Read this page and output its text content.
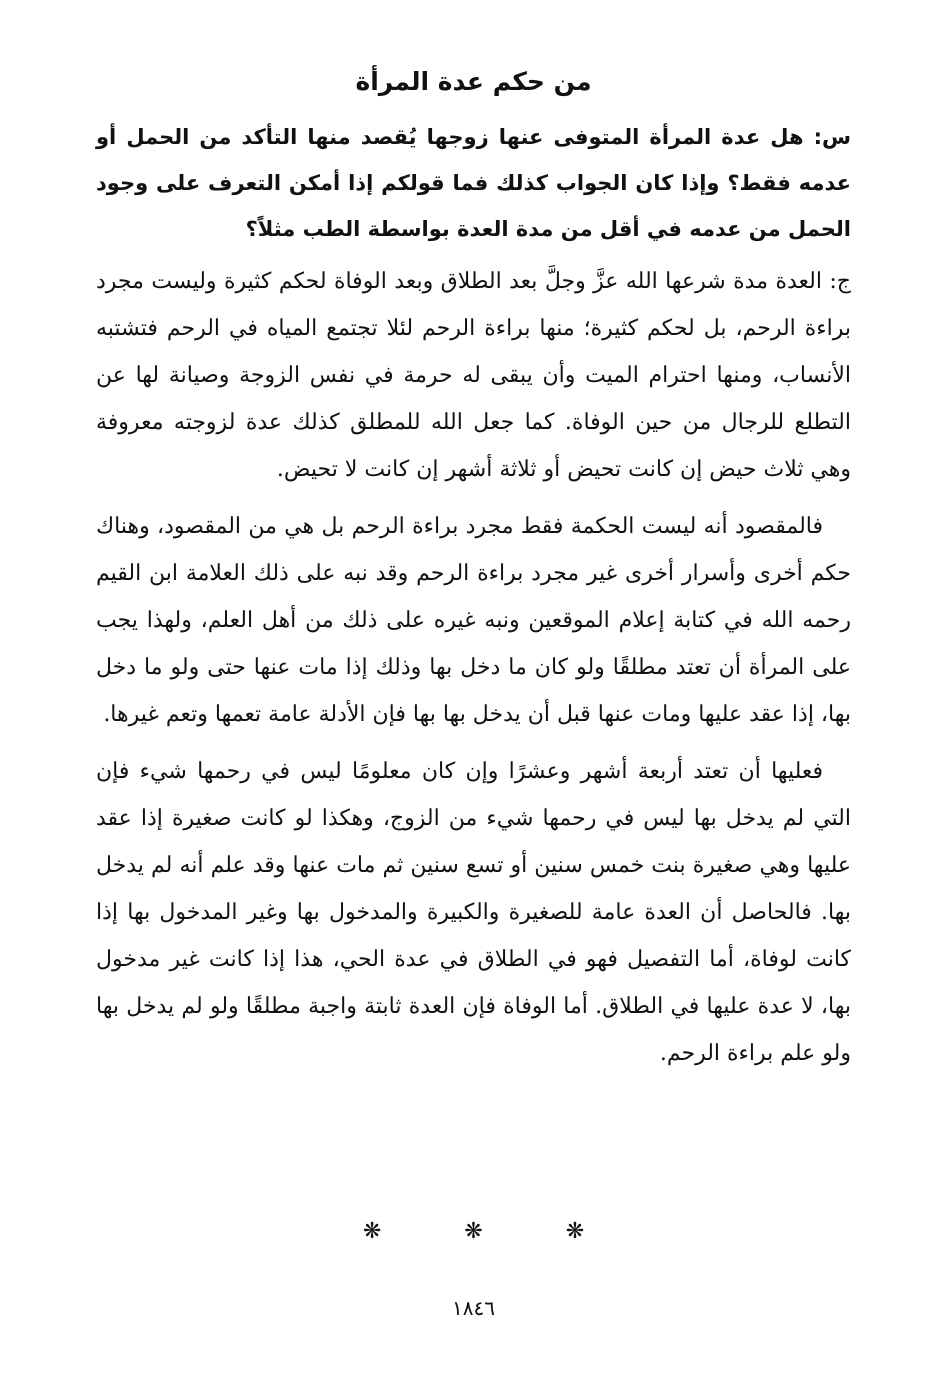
من حكم عدة المرأة
س: هل عدة المرأة المتوفى عنها زوجها يُقصد منها التأكد من الحمل أو عدمه فقط؟ وإذا كان الجواب كذلك فما قولكم إذا أمكن التعرف على وجود الحمل من عدمه في أقل من مدة العدة بواسطة الطب مثلاً؟

ج: العدة مدة شرعها الله عزَّ وجلَّ بعد الطلاق وبعد الوفاة لحكم كثيرة وليست مجرد براءة الرحم، بل لحكم كثيرة؛ منها براءة الرحم لئلا تجتمع المياه في الرحم فتشتبه الأنساب، ومنها احترام الميت وأن يبقى له حرمة في نفس الزوجة وصيانة لها عن التطلع للرجال من حين الوفاة. كما جعل الله للمطلق كذلك عدة لزوجته معروفة وهي ثلاث حيض إن كانت تحيض أو ثلاثة أشهر إن كانت لا تحيض.

فالمقصود أنه ليست الحكمة فقط مجرد براءة الرحم بل هي من المقصود، وهناك حكم أخرى وأسرار أخرى غير مجرد براءة الرحم وقد نبه على ذلك العلامة ابن القيم رحمه الله في كتابة إعلام الموقعين ونبه غيره على ذلك من أهل العلم، ولهذا يجب على المرأة أن تعتد مطلقًا ولو كان ما دخل بها وذلك إذا مات عنها حتى ولو ما دخل بها، إذا عقد عليها ومات عنها قبل أن يدخل بها بها فإن الأدلة عامة تعمها وتعم غيرها.

فعليها أن تعتد أربعة أشهر وعشرًا وإن كان معلومًا ليس في رحمها شيء فإن التي لم يدخل بها ليس في رحمها شيء من الزوج، وهكذا لو كانت صغيرة إذا عقد عليها وهي صغيرة بنت خمس سنين أو تسع سنين ثم مات عنها وقد علم أنه لم يدخل بها. فالحاصل أن العدة عامة للصغيرة والكبيرة والمدخول بها وغير المدخول بها إذا كانت لوفاة، أما التفصيل فهو في الطلاق في عدة الحي، هذا إذا كانت غير مدخول بها، لا عدة عليها في الطلاق. أما الوفاة فإن العدة ثابتة واجبة مطلقًا ولو لم يدخل بها ولو علم براءة الرحم.

❋	❋	❋
١٨٤٦
